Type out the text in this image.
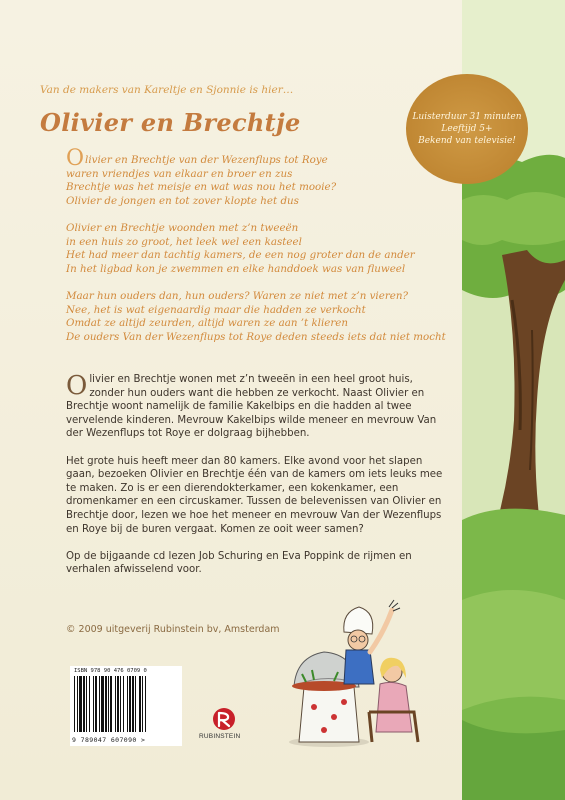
Luisterduur 31 minuten
Leeftijd 5+
Bekend van televisie!

Van de makers van Kareltje en Sjonnie is hier…

Olivier en Brechtje
Olivier en Brechtje van der Wezenflups tot Roye
waren vriendjes van elkaar en broer en zus
Brechtje was het meisje en wat was nou het mooie?
Olivier de jongen en tot zover klopte het dus
Olivier en Brechtje woonden met z’n tweeën
in een huis zo groot, het leek wel een kasteel
Het had meer dan tachtig kamers, de een nog groter dan de ander
In het ligbad kon je zwemmen en elke handdoek was van fluweel
Maar hun ouders dan, hun ouders? Waren ze niet met z’n vieren?
Nee, het is wat eigenaardig maar die hadden ze verkocht
Omdat ze altijd zeurden, altijd waren ze aan ’t klieren
De ouders Van der Wezenflups tot Roye deden steeds iets dat niet mocht

Olivier en Brechtje wonen met z’n tweeën in een heel groot huis, zonder hun ouders want die hebben ze verkocht. Naast Olivier en Brechtje woont namelijk de familie Kakelbips en die hadden al twee vervelende kinderen. Mevrouw Kakelbips wilde meneer en mevrouw Van der Wezenflups tot Roye er dolgraag bijhebben.

Het grote huis heeft meer dan 80 kamers. Elke avond voor het slapen gaan, bezoeken Olivier en Brechtje één van de kamers om iets leuks mee te maken. Zo is er een dierendokterkamer, een kokenkamer, een dromenkamer en een circuskamer. Tussen de belevenissen van Olivier en Brechtje door, lezen we hoe het meneer en mevrouw Van der Wezenflups en Roye bij de buren vergaat. Komen ze ooit weer samen?

Op de bijgaande cd lezen Job Schuring en Eva Poppink de rijmen en verhalen afwisselend voor.

© 2009 uitgeverij Rubinstein bv, Amsterdam
ISBN 978 90 476 0709 0
9 789047 607090 >	RUBINSTEIN
